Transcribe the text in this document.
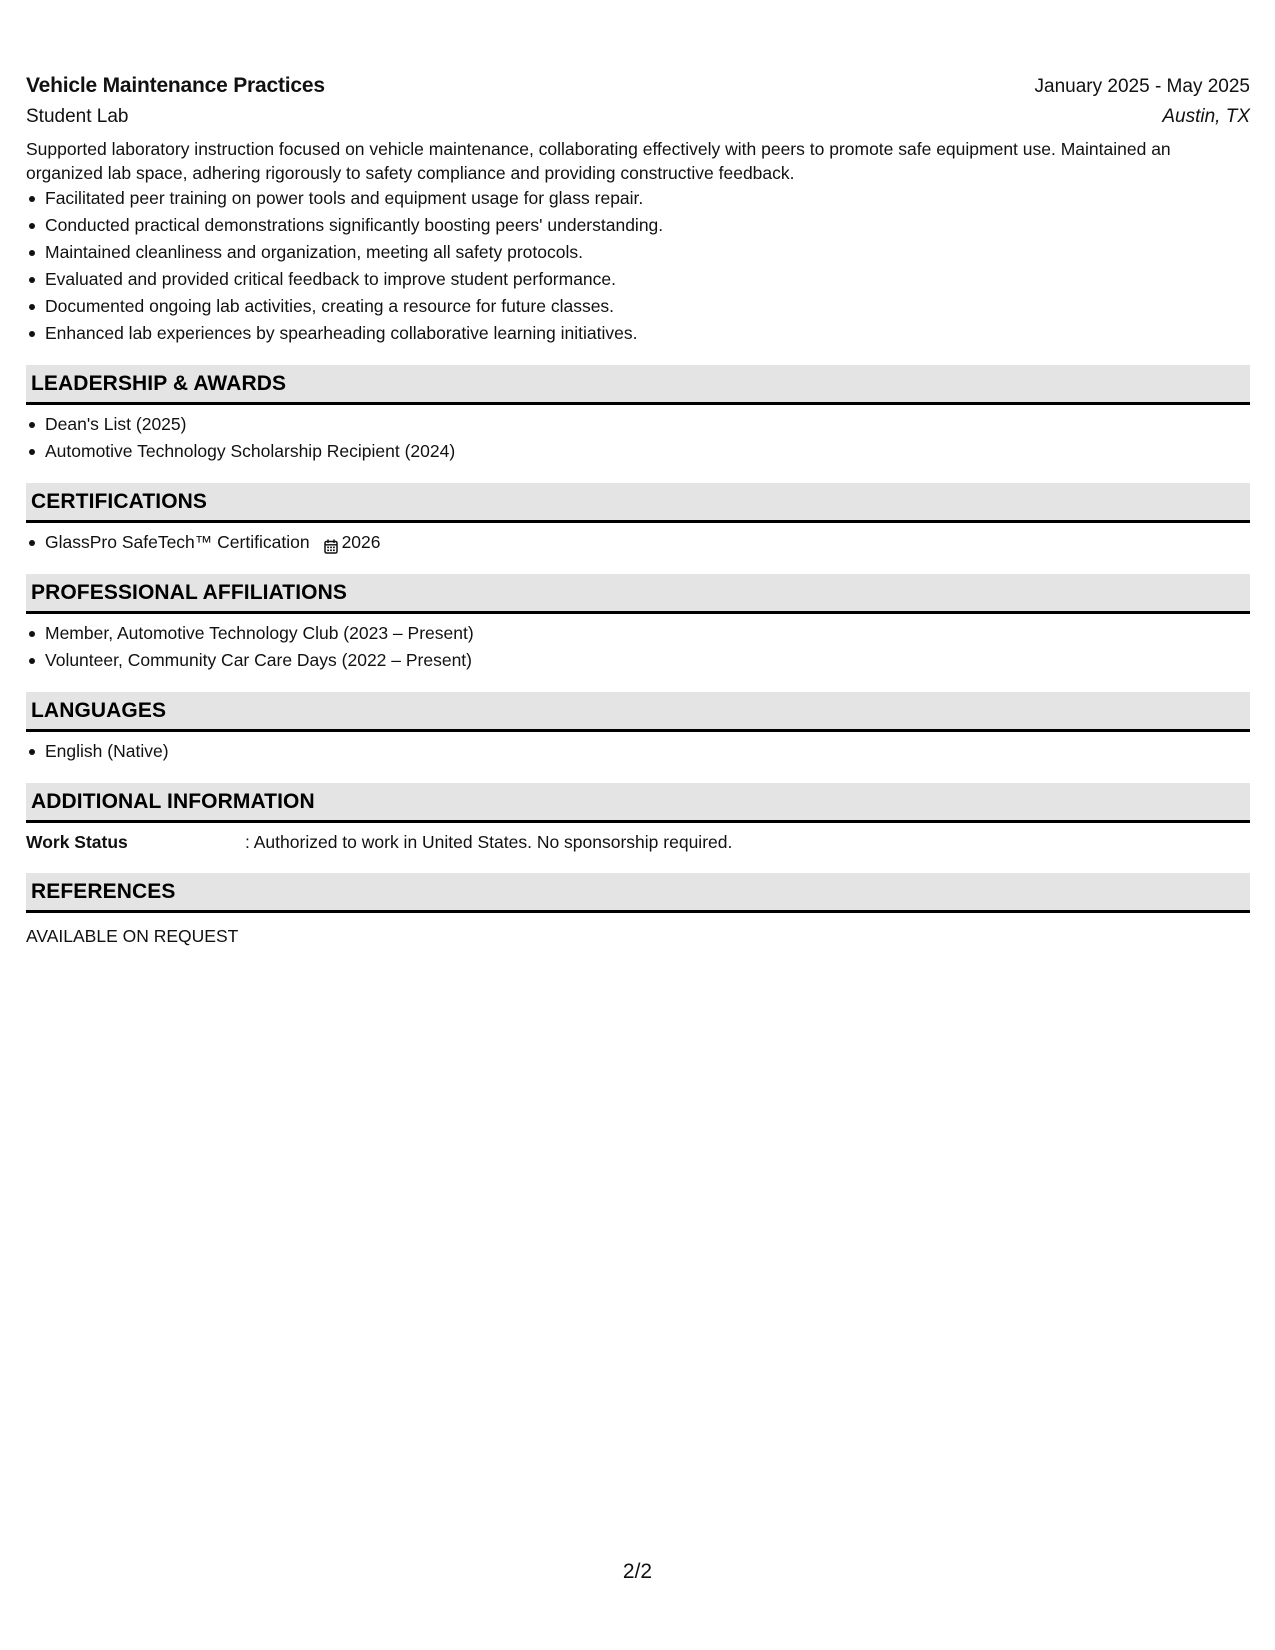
Vehicle Maintenance Practices	January 2025 - May 2025
Student Lab	Austin, TX
Supported laboratory instruction focused on vehicle maintenance, collaborating effectively with peers to promote safe equipment use. Maintained an organized lab space, adhering rigorously to safety compliance and providing constructive feedback.
Facilitated peer training on power tools and equipment usage for glass repair.
Conducted practical demonstrations significantly boosting peers' understanding.
Maintained cleanliness and organization, meeting all safety protocols.
Evaluated and provided critical feedback to improve student performance.
Documented ongoing lab activities, creating a resource for future classes.
Enhanced lab experiences by spearheading collaborative learning initiatives.
LEADERSHIP & AWARDS
Dean's List (2025)
Automotive Technology Scholarship Recipient (2024)
CERTIFICATIONS
GlassPro SafeTech™ Certification 2026
PROFESSIONAL AFFILIATIONS
Member, Automotive Technology Club (2023 – Present)
Volunteer, Community Car Care Days (2022 – Present)
LANGUAGES
English (Native)
ADDITIONAL INFORMATION
Work Status	: Authorized to work in United States. No sponsorship required.
REFERENCES
AVAILABLE ON REQUEST
2/2
